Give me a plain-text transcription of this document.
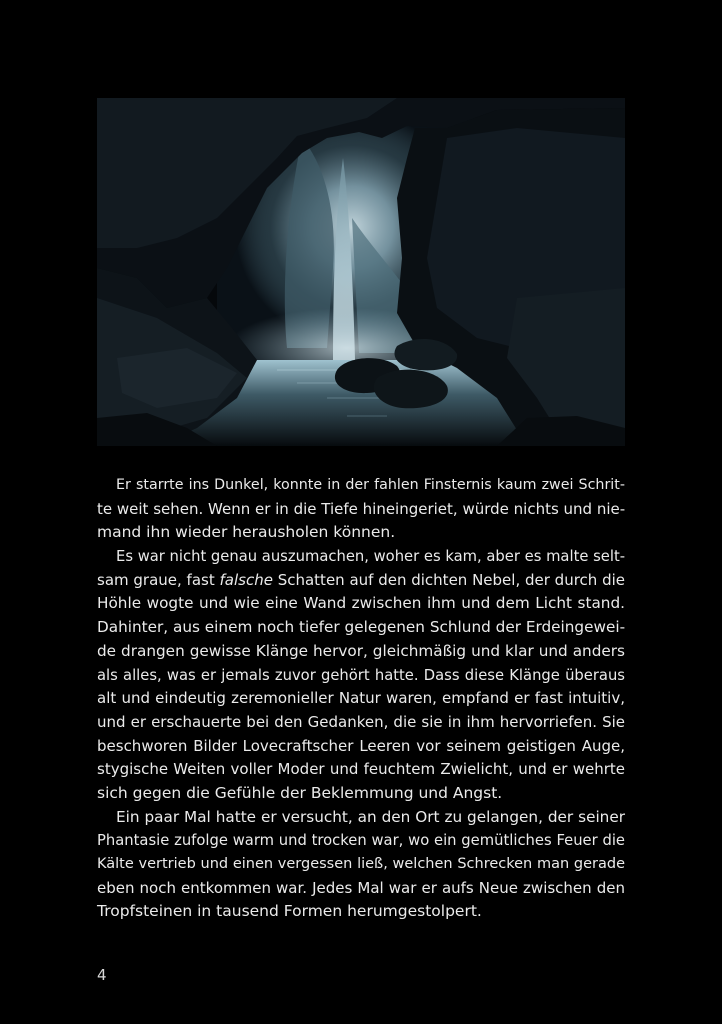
Er starrte ins Dunkel, konnte in der fahlen Finsternis kaum zwei Schrit-
te weit sehen. Wenn er in die Tiefe hineingeriet, würde nichts und nie-
mand ihn wieder herausholen können.
Es war nicht genau auszumachen, woher es kam, aber es malte selt-
sam graue, fast falsche Schatten auf den dichten Nebel, der durch die
Höhle wogte und wie eine Wand zwischen ihm und dem Licht stand.
Dahinter, aus einem noch tiefer gelegenen Schlund der Erdeingewei-
de drangen gewisse Klänge hervor, gleichmäßig und klar und anders
als alles, was er jemals zuvor gehört hatte. Dass diese Klänge überaus
alt und eindeutig zeremonieller Natur waren, empfand er fast intuitiv,
und er erschauerte bei den Gedanken, die sie in ihm hervorriefen. Sie
beschworen Bilder Lovecraftscher Leeren vor seinem geistigen Auge,
stygische Weiten voller Moder und feuchtem Zwielicht, und er wehrte
sich gegen die Gefühle der Beklemmung und Angst.
Ein paar Mal hatte er versucht, an den Ort zu gelangen, der seiner
Phantasie zufolge warm und trocken war, wo ein gemütliches Feuer die
Kälte vertrieb und einen vergessen ließ, welchen Schrecken man gerade
eben noch entkommen war. Jedes Mal war er aufs Neue zwischen den
Tropfsteinen in tausend Formen herumgestolpert.
4
